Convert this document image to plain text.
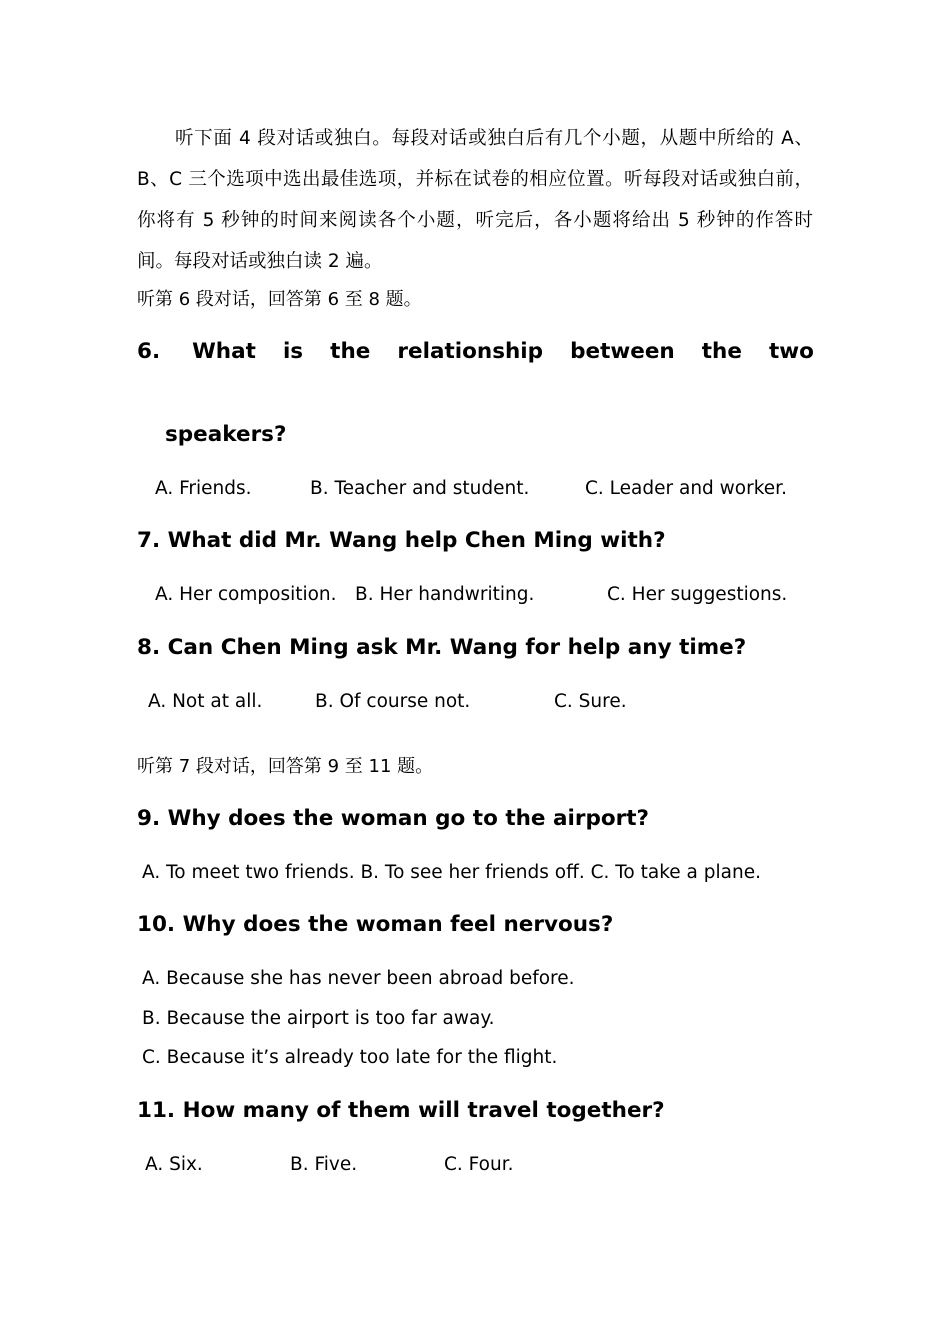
听下面 4 段对话或独白。每段对话或独白后有几个小题，从题中所给的 A、B、C 三个选项中选出最佳选项，并标在试卷的相应位置。听每段对话或独白前，你将有 5 秒钟的时间来阅读各个小题，听完后，各小题将给出 5 秒钟的作答时间。每段对话或独白读 2 遍。

听第 6 段对话，回答第 6 至 8 题。

6. What is the relationship between the two
speakers?
A. Friends.	B. Teacher and student.	C. Leader and worker.

7. What did Mr. Wang help Chen Ming with?

A. Her composition. B. Her handwriting.	C. Her suggestions.

8. Can Chen Ming ask Mr. Wang for help any time?

A. Not at all.	B. Of course not.	C. Sure.

听第 7 段对话，回答第 9 至 11 题。

9. Why does the woman go to the airport?

A. To meet two friends. B. To see her friends off. C. To take a plane.

10. Why does the woman feel nervous?

A. Because she has never been abroad before.
B. Because the airport is too far away.
C. Because it’s already too late for the flight.

11. How many of them will travel together?

A. Six.	B. Five.	C. Four.
